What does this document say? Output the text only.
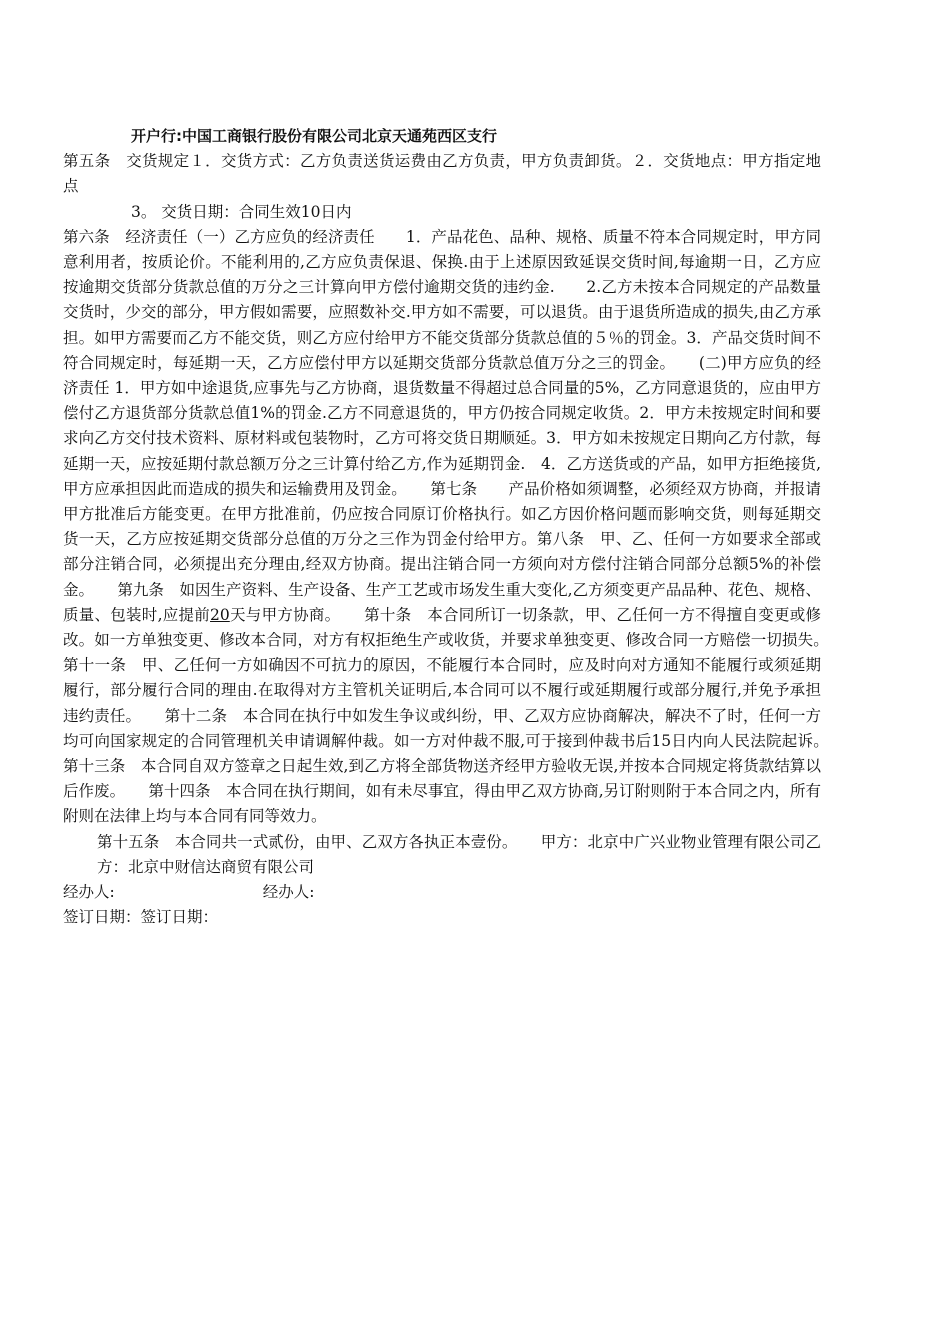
开户行:中国工商银行股份有限公司北京天通苑西区支行

第五条　交货规定１．交货方式：乙方负责送货运费由乙方负责，甲方负责卸货。２．交货地点：甲方指定地点

3。 交货日期：合同生效10日内

第六条　经济责任（一）乙方应负的经济责任　　1．产品花色、品种、规格、质量不符本合同规定时，甲方同意利用者，按质论价。不能利用的,乙方应负责保退、保换.由于上述原因致延误交货时间,每逾期一日，乙方应按逾期交货部分货款总值的万分之三计算向甲方偿付逾期交货的违约金.　　2.乙方未按本合同规定的产品数量交货时，少交的部分，甲方假如需要，应照数补交.甲方如不需要，可以退货。由于退货所造成的损失,由乙方承担。如甲方需要而乙方不能交货，则乙方应付给甲方不能交货部分货款总值的５％的罚金。3．产品交货时间不符合同规定时，每延期一天，乙方应偿付甲方以延期交货部分货款总值万分之三的罚金。　　(二)甲方应负的经济责任 1．甲方如中途退货,应事先与乙方协商，退货数量不得超过总合同量的5%，乙方同意退货的，应由甲方偿付乙方退货部分货款总值1%的罚金.乙方不同意退货的，甲方仍按合同规定收货。2．甲方未按规定时间和要求向乙方交付技术资料、原材料或包装物时，乙方可将交货日期顺延。3．甲方如未按规定日期向乙方付款，每延期一天，应按延期付款总额万分之三计算付给乙方,作为延期罚金.　4．乙方送货或的产品，如甲方拒绝接货,甲方应承担因此而造成的损失和运输费用及罚金。　　第七条　　产品价格如须调整，必须经双方协商，并报请甲方批准后方能变更。在甲方批准前，仍应按合同原订价格执行。如乙方因价格问题而影响交货，则每延期交货一天，乙方应按延期交货部分总值的万分之三作为罚金付给甲方。第八条　甲、乙、任何一方如要求全部或部分注销合同，必须提出充分理由,经双方协商。提出注销合同一方须向对方偿付注销合同部分总额5%的补偿金。　　第九条　如因生产资料、生产设备、生产工艺或市场发生重大变化,乙方须变更产品品种、花色、规格、质量、包装时,应提前20天与甲方协商。　　第十条　本合同所订一切条款，甲、乙任何一方不得擅自变更或修改。如一方单独变更、修改本合同，对方有权拒绝生产或收货，并要求单独变更、修改合同一方赔偿一切损失。　　第十一条　甲、乙任何一方如确因不可抗力的原因，不能履行本合同时，应及时向对方通知不能履行或须延期履行，部分履行合同的理由.在取得对方主管机关证明后,本合同可以不履行或延期履行或部分履行,并免予承担违约责任。　　第十二条　本合同在执行中如发生争议或纠纷，甲、乙双方应协商解决，解决不了时，任何一方均可向国家规定的合同管理机关申请调解仲裁。如一方对仲裁不服,可于接到仲裁书后15日内向人民法院起诉。　　第十三条　本合同自双方签章之日起生效,到乙方将全部货物送齐经甲方验收无误,并按本合同规定将货款结算以后作废。　　第十四条　本合同在执行期间，如有未尽事宜，得由甲乙双方协商,另订附则附于本合同之内，所有附则在法律上均与本合同有同等效力。

第十五条　本合同共一式贰份，由甲、乙双方各执正本壹份。　　甲方：北京中广兴业物业管理有限公司乙方：北京中财信达商贸有限公司

经办人:	经办人:

签订日期：签订日期：
